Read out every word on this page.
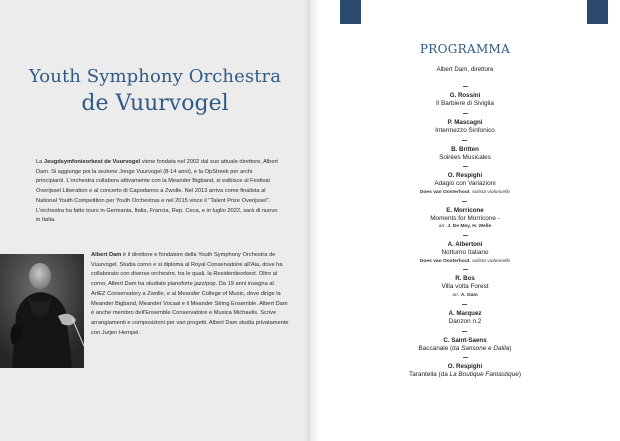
Youth Symphony Orchestra
de Vuurvogel
La Jeugdsymfonieorkest de Vuurvogel viene fondata nel 2002 dal suo attuale direttore, Albert Dam. Si aggiunge poi la sezione Jonge Vuurvogel (8-14 anni), e la OpStreek per archi principianti. L'orchestra collabora attivamente con la Meander Bigband, si esibisce al Festival Overijssel Liberation e al concerto di Capodanno a Zwolle. Nel 2013 arriva come finalista al National Youth Competition per Youth Orchestras e nel 2015 vince il "Talent Prize Overijssel". L'orchestra ha fatto tours in Germania, Italia, Francia, Rep. Ceca, e in luglio 2022, sarà di nuovo in Italia.
Albert Dam è il direttore e fondatore della Youth Symphony Orchestra de Vuurvogel. Studia corno e si diploma al Royal Conservatoire all'Aia, dove ha collaborato con diverse orchestre, tra le quali, la Residentieorkest. Oltre al corno, Albert Dam ha studiato pianoforte jazz/pop. Da 19 anni insegna al ArtEZ Conservatory a Zwolle, e al Meander College of Music, dove dirige la Meander Bigband, Meander Vocaal e il Meander String Ensemble. Albert Dam è anche membro dell'Ensemble Conservatoire e Musica Michaelis. Scrive arrangiamenti e composizioni per vari progetti. Albert Dam studia privatamente con Jurjen Hempel.
PROGRAMMA
Albert Dam, direttore
G. Rossini
Il Barbiere di Siviglia
P. Mascagni
Intermezzo Sinfonico
B. Britten
Soirées Musicales
O. Respighi
Adagio con Variazioni
Does van Oosterhout, solista violoncello
E. Morricone
Moments for Morricone -
arr. J. De Mey, H. Welle
A. Albertoni
Notturno Italiano
Does van Oosterhout, solista violoncello
R. Bos
Villa volta Forest
arr. A. Dam
A. Marquez
Danzon n.2
C. Saint-Saens
Baccanale (da Sansone e Dalila)
O. Respighi
Tarantella (da La Boutique Fantastique)
